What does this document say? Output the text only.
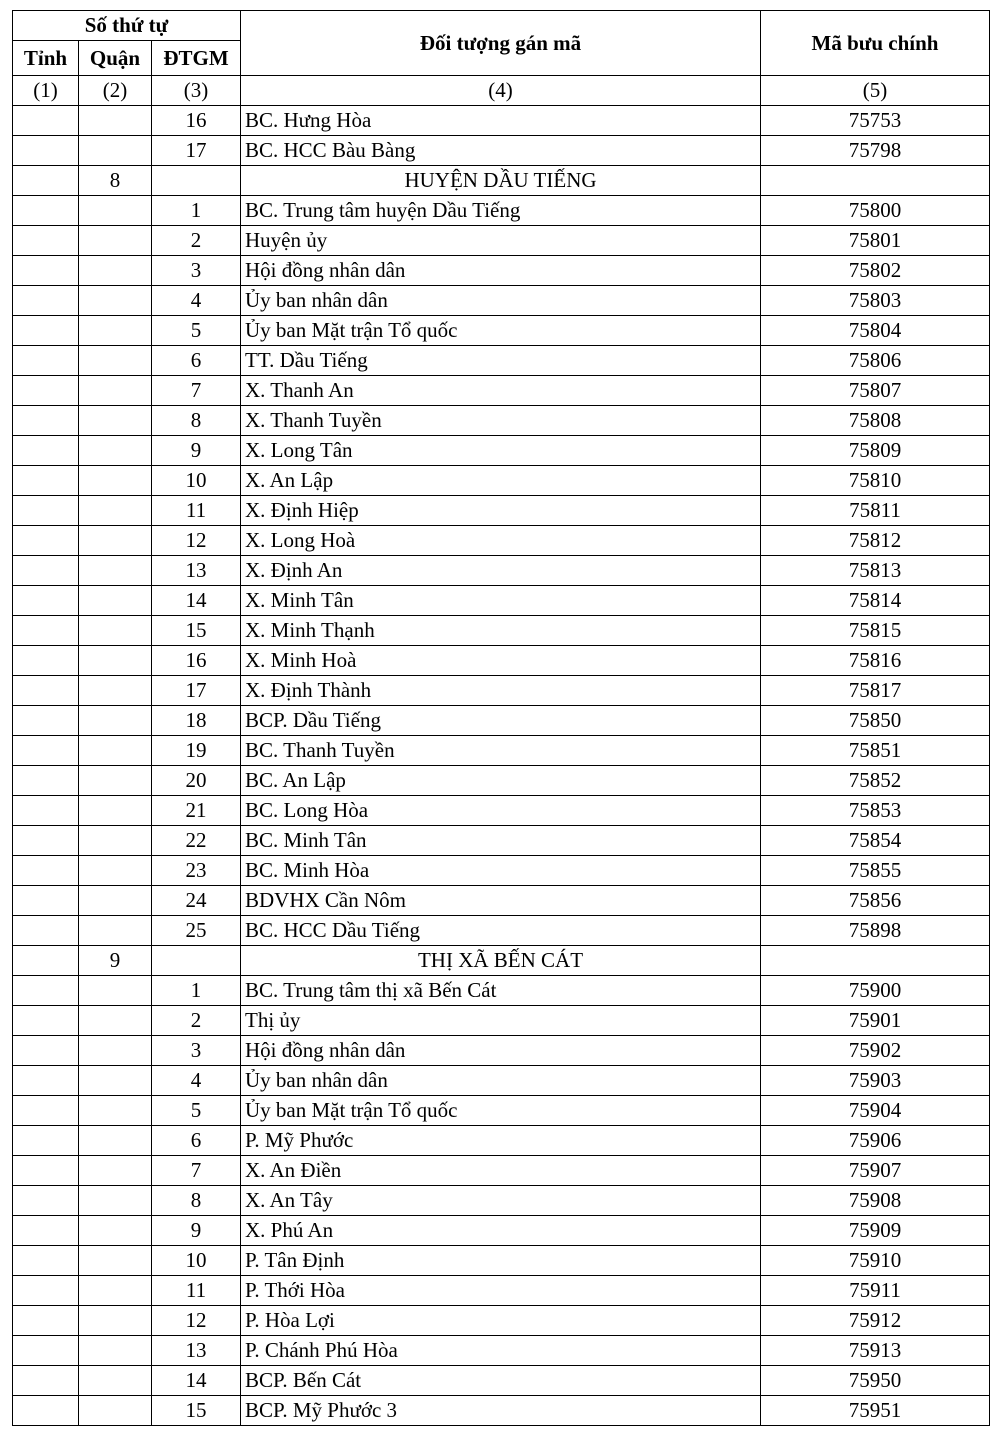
Số thứ tự			Đối tượng gán mã	Mã bưu chính
Tỉnh	Quận	ĐTGM		
(1)	(2)	(3)	(4)	(5)
		16	BC. Hưng Hòa	75753
		17	BC. HCC Bàu Bàng	75798
	8		HUYỆN DẦU TIẾNG	
		1	BC. Trung tâm huyện Dầu Tiếng	75800
		2	Huyện ủy	75801
		3	Hội đồng nhân dân	75802
		4	Ủy ban nhân dân	75803
		5	Ủy ban Mặt trận Tổ quốc	75804
		6	TT. Dầu Tiếng	75806
		7	X. Thanh An	75807
		8	X. Thanh Tuyền	75808
		9	X. Long Tân	75809
		10	X. An Lập	75810
		11	X. Định Hiệp	75811
		12	X. Long Hoà	75812
		13	X. Định An	75813
		14	X. Minh Tân	75814
		15	X. Minh Thạnh	75815
		16	X. Minh Hoà	75816
		17	X. Định Thành	75817
		18	BCP. Dầu Tiếng	75850
		19	BC. Thanh Tuyền	75851
		20	BC. An Lập	75852
		21	BC. Long Hòa	75853
		22	BC. Minh Tân	75854
		23	BC. Minh Hòa	75855
		24	BDVHX Cần Nôm	75856
		25	BC. HCC Dầu Tiếng	75898
	9		THỊ XÃ BẾN CÁT	
		1	BC. Trung tâm thị xã Bến Cát	75900
		2	Thị ủy	75901
		3	Hội đồng nhân dân	75902
		4	Ủy ban nhân dân	75903
		5	Ủy ban Mặt trận Tổ quốc	75904
		6	P. Mỹ Phước	75906
		7	X. An Điền	75907
		8	X. An Tây	75908
		9	X. Phú An	75909
		10	P. Tân Định	75910
		11	P. Thới Hòa	75911
		12	P. Hòa Lợi	75912
		13	P. Chánh Phú Hòa	75913
		14	BCP. Bến Cát	75950
		15	BCP. Mỹ Phước 3	75951
